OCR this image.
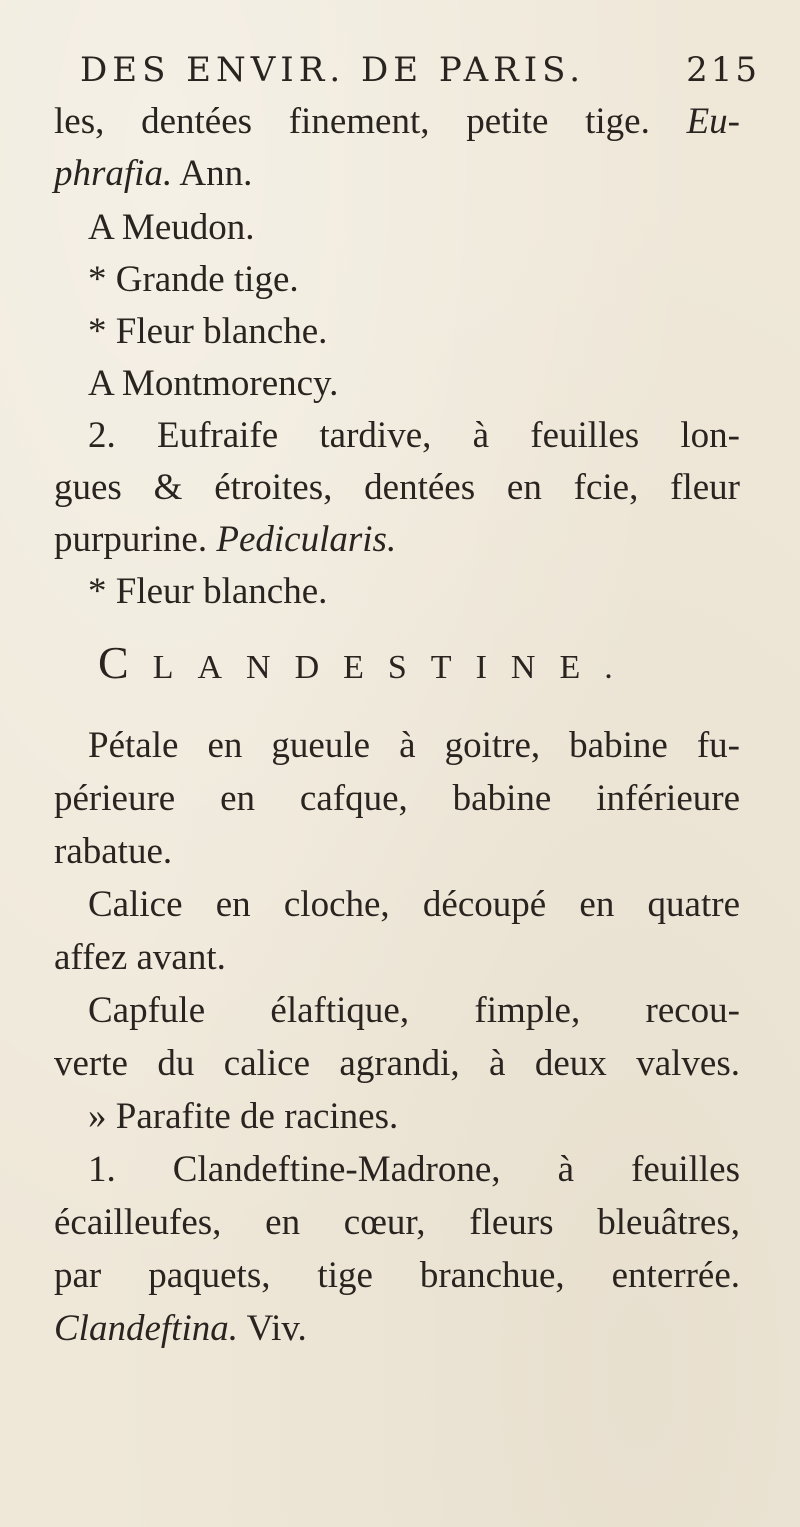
DES ENVIR. DE PARIS.	215
les, dentées finement, petite tige. Eu-
phrafia. Ann.
A Meudon.
* Grande tige.
* Fleur blanche.
A Montmorency.
2. Eufraife tardive, à feuilles lon-
gues & étroites, dentées en fcie, fleur
purpurine. Pedicularis.
* Fleur blanche.
CLANDESTINE.
Pétale en gueule à goitre, babine fu-
périeure en cafque, babine inférieure
rabatue.
Calice en cloche, découpé en quatre
affez avant.
Capfule élaftique, fimple, recou-
verte du calice agrandi, à deux valves.
» Parafite de racines.
1. Clandeftine-Madrone, à feuilles
écailleufes, en cœur, fleurs bleuâtres,
par paquets, tige branchue, enterrée.
Clandeftina. Viv.
